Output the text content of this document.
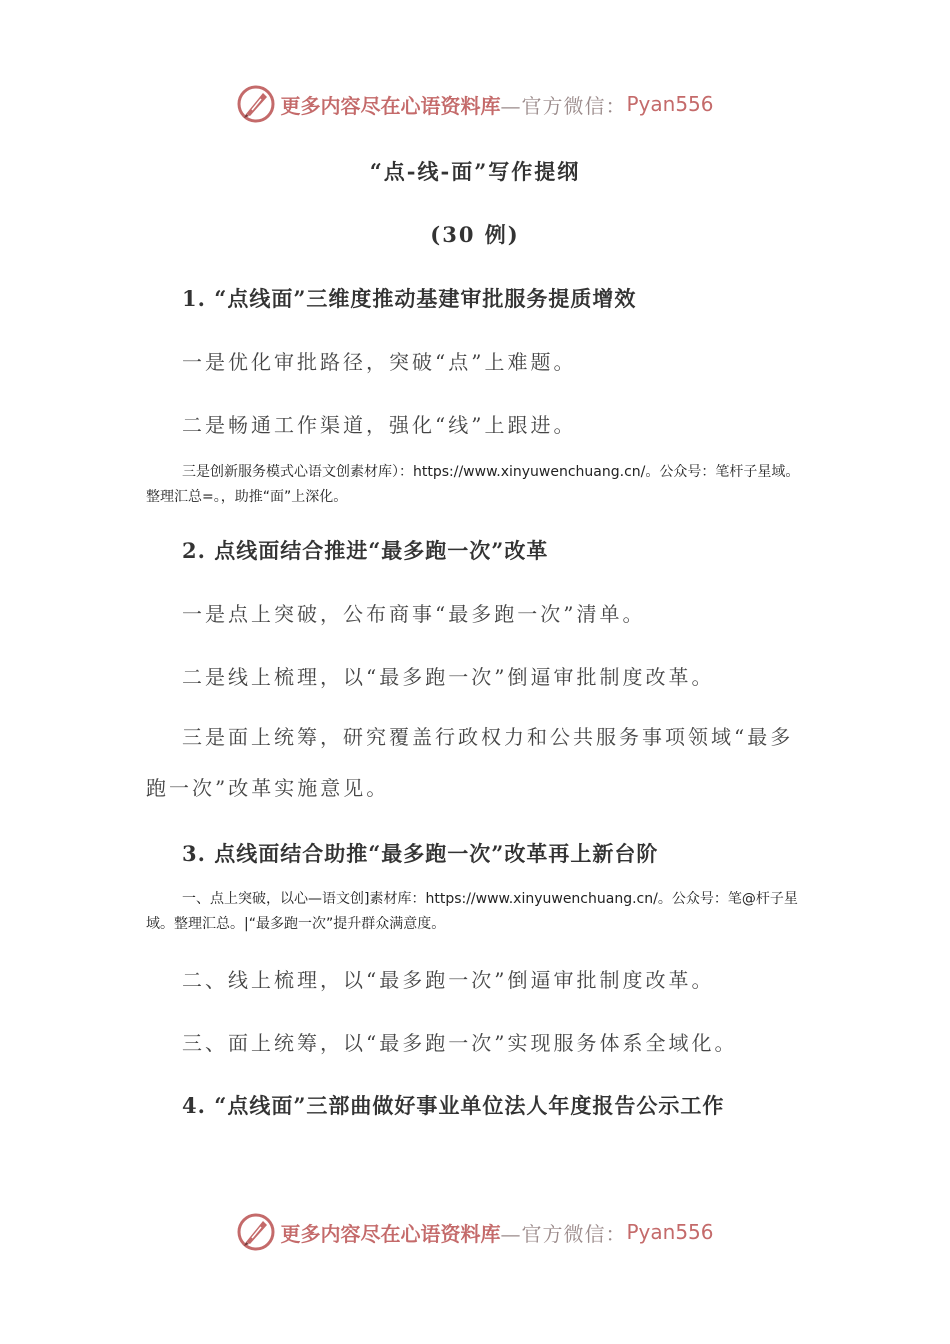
更多内容尽在心语资料库 —官方微信： Pyan556
“点-线-面”写作提纲
(30 例)
1. “点线面”三维度推动基建审批服务提质增效

一是优化审批路径，突破“点”上难题。

二是畅通工作渠道，强化“线”上跟进。

三是创新服务模式心语文创素材库）：https://www.xinyuwenchuang.cn/。公众号：笔杆子星域。整理汇总=。，助推“面”上深化。

2. 点线面结合推进“最多跑一次”改革

一是点上突破，公布商事“最多跑一次”清单。

二是线上梳理，以“最多跑一次”倒逼审批制度改革。

三是面上统筹，研究覆盖行政权力和公共服务事项领域“最多跑一次”改革实施意见。

3. 点线面结合助推“最多跑一次”改革再上新台阶

一、点上突破，以心—语文创]素材库：https://www.xinyuwenchuang.cn/。公众号：笔@杆子星域。整理汇总。|“最多跑一次”提升群众满意度。

二、线上梳理，以“最多跑一次”倒逼审批制度改革。

三、面上统筹，以“最多跑一次”实现服务体系全域化。

4. “点线面”三部曲做好事业单位法人年度报告公示工作
更多内容尽在心语资料库 —官方微信： Pyan556
